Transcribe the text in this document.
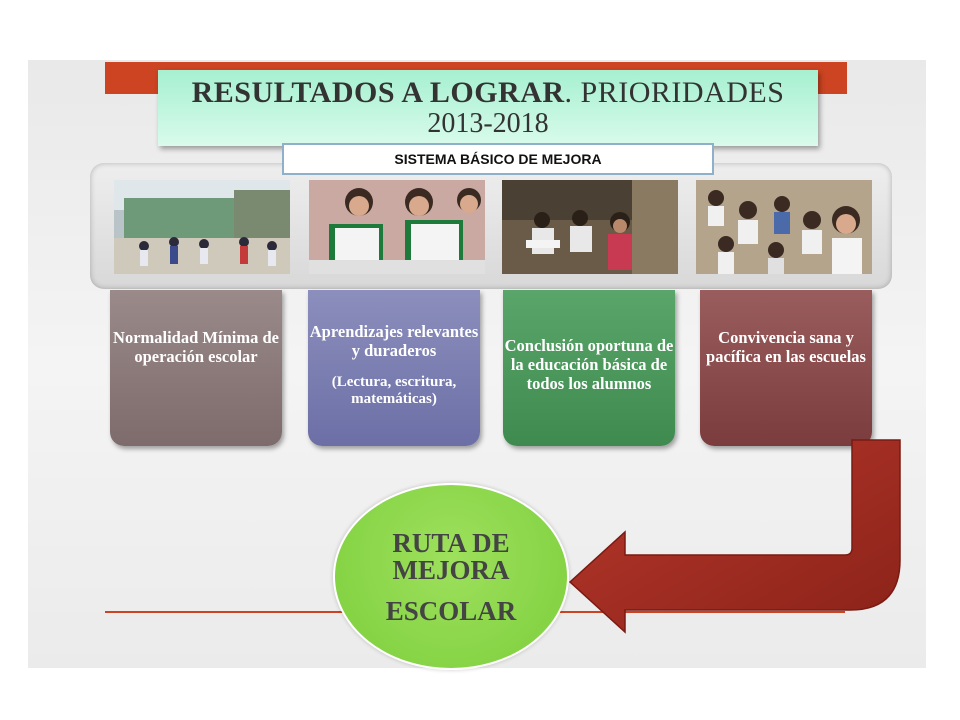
RESULTADOS A LOGRAR. PRIORIDADES
2013-2018
SISTEMA BÁSICO DE MEJORA
Normalidad Mínima de operación escolar
Aprendizajes relevantes y duraderos
(Lectura, escritura, matemáticas)
Conclusión oportuna de la educación básica de todos los alumnos
Convivencia sana y pacífica en las escuelas
RUTA DE MEJORA
ESCOLAR
